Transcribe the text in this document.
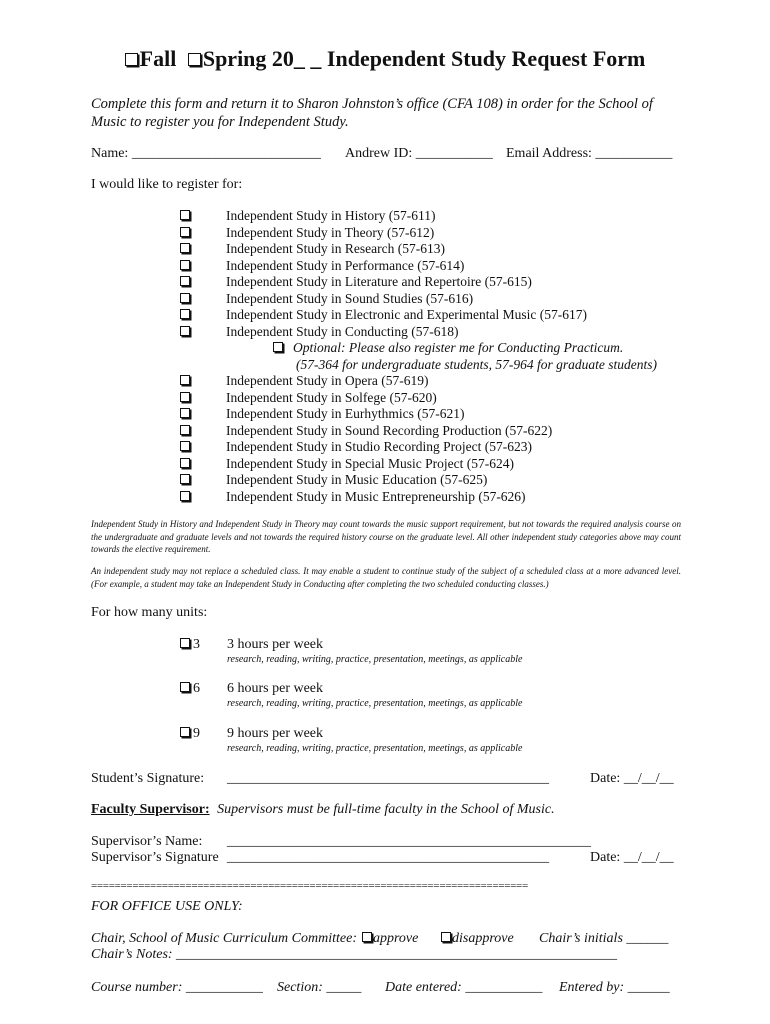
Fall Spring 20_ _ Independent Study Request Form
Complete this form and return it to Sharon Johnston’s office (CFA 108) in order for the School of Music to register you for Independent Study.
Name: ___________________________ Andrew ID: ___________ Email Address: ___________
I would like to register for:
Independent Study in History (57-611)
Independent Study in Theory (57-612)
Independent Study in Research (57-613)
Independent Study in Performance (57-614)
Independent Study in Literature and Repertoire (57-615)
Independent Study in Sound Studies (57-616)
Independent Study in Electronic and Experimental Music (57-617)
Independent Study in Conducting (57-618)
Optional: Please also register me for Conducting Practicum.
(57-364 for undergraduate students, 57-964 for graduate students)
Independent Study in Opera (57-619)
Independent Study in Solfege (57-620)
Independent Study in Eurhythmics (57-621)
Independent Study in Sound Recording Production (57-622)
Independent Study in Studio Recording Project (57-623)
Independent Study in Special Music Project (57-624)
Independent Study in Music Education (57-625)
Independent Study in Music Entrepreneurship (57-626)
Independent Study in History and Independent Study in Theory may count towards the music support requirement, but not towards the required analysis course on the undergraduate and graduate levels and not towards the required history course on the graduate level. All other independent study categories above may count towards the elective requirement.
An independent study may not replace a scheduled class. It may enable a student to continue study of the subject of a scheduled class at a more advanced level. (For example, a student may take an Independent Study in Conducting after completing the two scheduled conducting classes.)
For how many units:
3 3 hours per week
research, reading, writing, practice, presentation, meetings, as applicable
6 6 hours per week
research, reading, writing, practice, presentation, meetings, as applicable
9 9 hours per week
research, reading, writing, practice, presentation, meetings, as applicable
Student’s Signature: ______________________________________________	Date: __/__/__
Faculty Supervisor: Supervisors must be full-time faculty in the School of Music.
Supervisor’s Name: ____________________________________________________
Supervisor’s Signature ______________________________________________	Date: __/__/__
==========================================================================
FOR OFFICE USE ONLY:
Chair, School of Music Curriculum Committee:	approve	disapprove Chair’s initials ______
Chair’s Notes: _______________________________________________________________
Course number: ___________ Section: _____ Date entered: ___________ Entered by: ______
